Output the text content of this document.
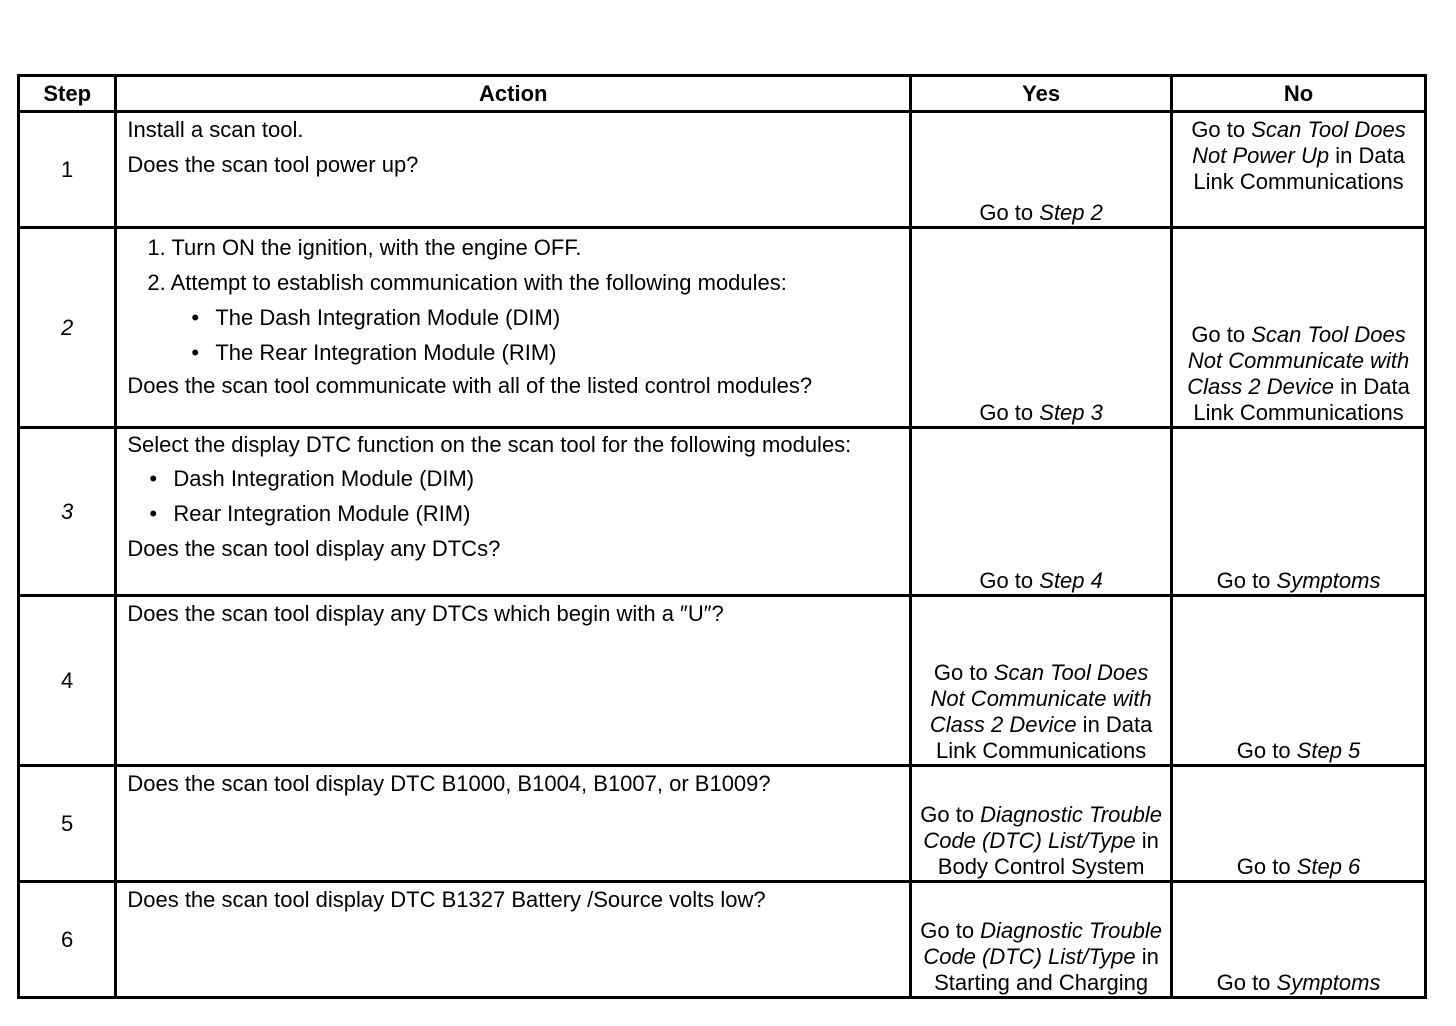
Step	Action	Yes	No
1	Install a scan tool.
Does the scan tool power up?	Go to Step 2	Go to Scan Tool Does Not Power Up in Data Link Communications
2	1. Turn ON the ignition, with the engine OFF.
2. Attempt to establish communication with the following modules:
• The Dash Integration Module (DIM)
• The Rear Integration Module (RIM)
Does the scan tool communicate with all of the listed control modules?	Go to Step 3	Go to Scan Tool Does Not Communicate with Class 2 Device in Data Link Communications
3	Select the display DTC function on the scan tool for the following modules:
• Dash Integration Module (DIM)
• Rear Integration Module (RIM)
Does the scan tool display any DTCs?	Go to Step 4	Go to Symptoms
4	Does the scan tool display any DTCs which begin with a ″U″?	Go to Scan Tool Does Not Communicate with Class 2 Device in Data Link Communications	Go to Step 5
5	Does the scan tool display DTC B1000, B1004, B1007, or B1009?	Go to Diagnostic Trouble Code (DTC) List/Type in Body Control System	Go to Step 6
6	Does the scan tool display DTC B1327 Battery /Source volts low?	Go to Diagnostic Trouble Code (DTC) List/Type in Starting and Charging	Go to Symptoms
